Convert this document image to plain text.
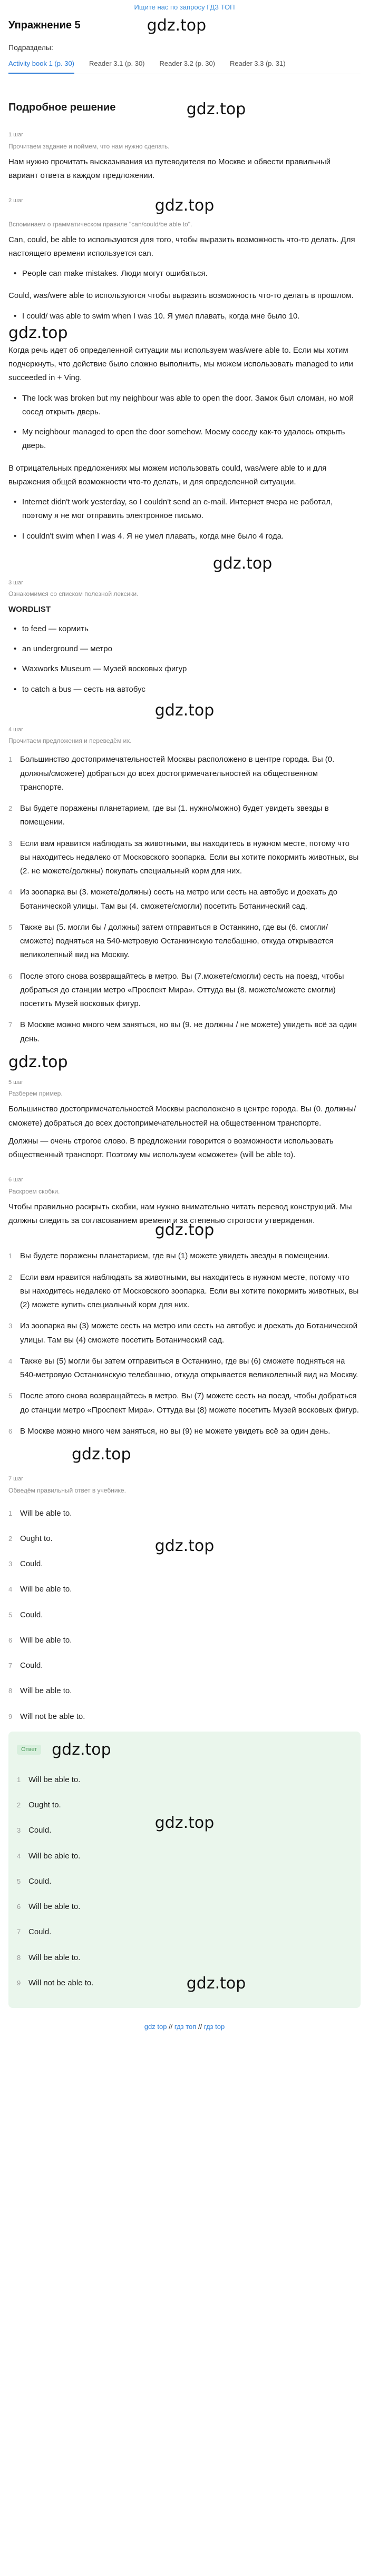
Ищите нас по запросу ГДЗ ТОП
Упражнение 5	gdz.top
Подразделы:
Activity book 1 (p. 30) Reader 3.1 (p. 30) Reader 3.2 (p. 30) Reader 3.3 (p. 31)
Подробное решение	gdz.top
1 шаг
Прочитаем задание и поймем, что нам нужно сделать.
Нам нужно прочитать высказывания из путеводителя по Москве и обвести правильный вариант ответа в каждом предложении.
2 шаг	gdz.top
Вспоминаем о грамматическом правиле "can/could/be able to".
Can, could, be able to используются для того, чтобы выразить возможность что-то делать. Для настоящего времени используется can.
• People can make mistakes. Люди могут ошибаться.
Could, was/were able to используются чтобы выразить возможность что-то делать в прошлом.
• I could/ was able to swim when I was 10. Я умел плавать, когда мне было 10.
gdz.top
Когда речь идет об определенной ситуации мы используем was/were able to. Если мы хотим подчеркнуть, что действие было сложно выполнить, мы можем использовать managed to или succeeded in + Ving.
• The lock was broken but my neighbour was able to open the door. Замок был сломан, но мой сосед открыть дверь.
• My neighbour managed to open the door somehow. Моему соседу как-то удалось открыть дверь.
В отрицательных предложениях мы можем использовать could, was/were able to и для выражения общей возможности что-то делать, и для определенной ситуации.
• Internet didn't work yesterday, so I couldn't send an e-mail. Интернет вчера не работал, поэтому я не мог отправить электронное письмо.
• I couldn't swim when I was 4. Я не умел плавать, когда мне было 4 года.
gdz.top
3 шаг
Ознакомимся со списком полезной лексики.
WORDLIST
• to feed — кормить
• an underground — метро
• Waxworks Museum — Музей восковых фигур
• to catch a bus — сесть на автобус
gdz.top
4 шаг
Прочитаем предложения и переведём их.
1 Большинство достопримечательностей Москвы расположено в центре города. Вы (0. должны/сможете) добраться до всех достопримечательностей на общественном транспорте.
2 Вы будете поражены планетарием, где вы (1. нужно/можно) будет увидеть звезды в помещении.
3 Если вам нравится наблюдать за животными, вы находитесь в нужном месте, потому что вы находитесь недалеко от Московского зоопарка. Если вы хотите покормить животных, вы (2. не можете/должны) покупать специальный корм для них.
4 Из зоопарка вы (3. можете/должны) сесть на метро или сесть на автобус и доехать до Ботанической улицы. Там вы (4. сможете/смогли) посетить Ботанический сад.
5 Также вы (5. могли бы / должны) затем отправиться в Останкино, где вы (6. смогли/сможете) подняться на 540-метровую Останкинскую телебашню, откуда открывается великолепный вид на Москву.
6 После этого снова возвращайтесь в метро. Вы (7.можете/смогли) сесть на поезд, чтобы добраться до станции метро «Проспект Мира». Оттуда вы (8. можете/можете смогли) посетить Музей восковых фигур.
7 В Москве можно много чем заняться, но вы (9. не должны / не можете) увидеть всё за один день.
gdz.top
5 шаг
Разберем пример.
Большинство достопримечательностей Москвы расположено в центре города. Вы (0. должны/сможете) добраться до всех достопримечательностей на общественном транспорте.
Должны — очень строгое слово. В предложении говорится о возможности использовать общественный транспорт. Поэтому мы используем «сможете» (will be able to).
6 шаг
Раскроем скобки.
Чтобы правильно раскрыть скобки, нам нужно внимательно читать перевод конструкций. Мы должны следить за согласованием времени и за степенью строгости утверждения.
gdz.top
1 Вы будете поражены планетарием, где вы (1) можете увидеть звезды в помещении.
2 Если вам нравится наблюдать за животными, вы находитесь в нужном месте, потому что вы находитесь недалеко от Московского зоопарка. Если вы хотите покормить животных, вы (2) можете купить специальный корм для них.
3 Из зоопарка вы (3) можете сесть на метро или сесть на автобус и доехать до Ботанической улицы. Там вы (4) сможете посетить Ботанический сад.
4 Также вы (5) могли бы затем отправиться в Останкино, где вы (6) сможете подняться на 540-метровую Останкинскую телебашню, откуда открывается великолепный вид на Москву.
5 После этого снова возвращайтесь в метро. Вы (7) можете сесть на поезд, чтобы добраться до станции метро «Проспект Мира». Оттуда вы (8) можете посетить Музей восковых фигур.
6 В Москве можно много чем заняться, но вы (9) не можете увидеть всё за один день.
gdz.top
7 шаг
Обведём правильный ответ в учебнике.
1 Will be able to.
2 Ought to.
3 Could.
4 Will be able to.
5 Could.
6 Will be able to.
7 Could.
8 Will be able to.
9 Will not be able to.
gdz.top
Ответ gdz.top
1 Will be able to.
2 Ought to.
3 Could.
4 Will be able to.
5 Could.
6 Will be able to.
7 Could.
8 Will be able to.
9 Will not be able to.
gdz.top
gdz.top
gdz top // гдз топ // гдз top
